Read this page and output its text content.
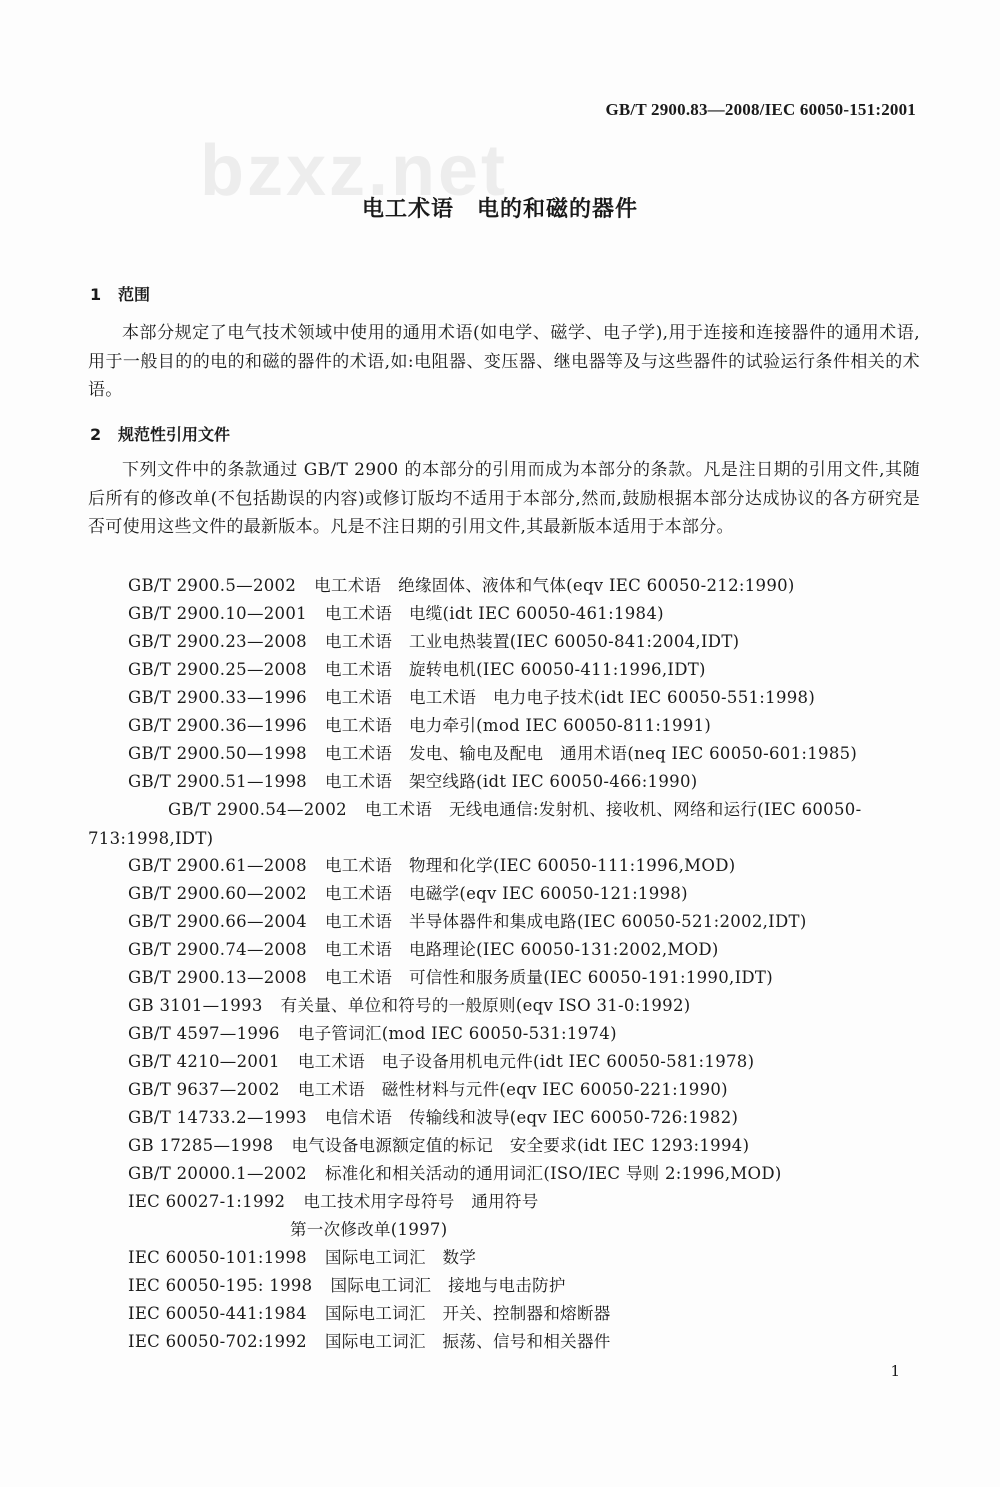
bzxz.net
GB/T 2900.83—2008/IEC 60050-151:2001
电工术语　电的和磁的器件
1 范围
本部分规定了电气技术领域中使用的通用术语(如电学、磁学、电子学),用于连接和连接器件的通用术语,用于一般目的的电的和磁的器件的术语,如:电阻器、变压器、继电器等及与这些器件的试验运行条件相关的术语。
2 规范性引用文件
下列文件中的条款通过 GB/T 2900 的本部分的引用而成为本部分的条款。凡是注日期的引用文件,其随后所有的修改单(不包括勘误的内容)或修订版均不适用于本部分,然而,鼓励根据本部分达成协议的各方研究是否可使用这些文件的最新版本。凡是不注日期的引用文件,其最新版本适用于本部分。
GB/T 2900.5—2002 电工术语　绝缘固体、液体和气体(eqv IEC 60050-212:1990)
GB/T 2900.10—2001 电工术语　电缆(idt IEC 60050-461:1984)
GB/T 2900.23—2008 电工术语　工业电热装置(IEC 60050-841:2004,IDT)
GB/T 2900.25—2008 电工术语　旋转电机(IEC 60050-411:1996,IDT)
GB/T 2900.33—1996 电工术语　电工术语　电力电子技术(idt IEC 60050-551:1998)
GB/T 2900.36—1996 电工术语　电力牵引(mod IEC 60050-811:1991)
GB/T 2900.50—1998 电工术语　发电、输电及配电　通用术语(neq IEC 60050-601:1985)
GB/T 2900.51—1998 电工术语　架空线路(idt IEC 60050-466:1990)
GB/T 2900.54—2002 电工术语　无线电通信:发射机、接收机、网络和运行(IEC 60050-713:1998,IDT)
GB/T 2900.61—2008 电工术语　物理和化学(IEC 60050-111:1996,MOD)
GB/T 2900.60—2002 电工术语　电磁学(eqv IEC 60050-121:1998)
GB/T 2900.66—2004 电工术语　半导体器件和集成电路(IEC 60050-521:2002,IDT)
GB/T 2900.74—2008 电工术语　电路理论(IEC 60050-131:2002,MOD)
GB/T 2900.13—2008 电工术语　可信性和服务质量(IEC 60050-191:1990,IDT)
GB 3101—1993 有关量、单位和符号的一般原则(eqv ISO 31-0:1992)
GB/T 4597—1996 电子管词汇(mod IEC 60050-531:1974)
GB/T 4210—2001 电工术语　电子设备用机电元件(idt IEC 60050-581:1978)
GB/T 9637—2002 电工术语　磁性材料与元件(eqv IEC 60050-221:1990)
GB/T 14733.2—1993 电信术语　传输线和波导(eqv IEC 60050-726:1982)
GB 17285—1998 电气设备电源额定值的标记　安全要求(idt IEC 1293:1994)
GB/T 20000.1—2002 标准化和相关活动的通用词汇(ISO/IEC 导则 2:1996,MOD)
IEC 60027-1:1992 电工技术用字母符号　通用符号
第一次修改单(1997)
IEC 60050-101:1998 国际电工词汇　数学
IEC 60050-195: 1998 国际电工词汇　接地与电击防护
IEC 60050-441:1984 国际电工词汇　开关、控制器和熔断器
IEC 60050-702:1992 国际电工词汇　振荡、信号和相关器件
1
